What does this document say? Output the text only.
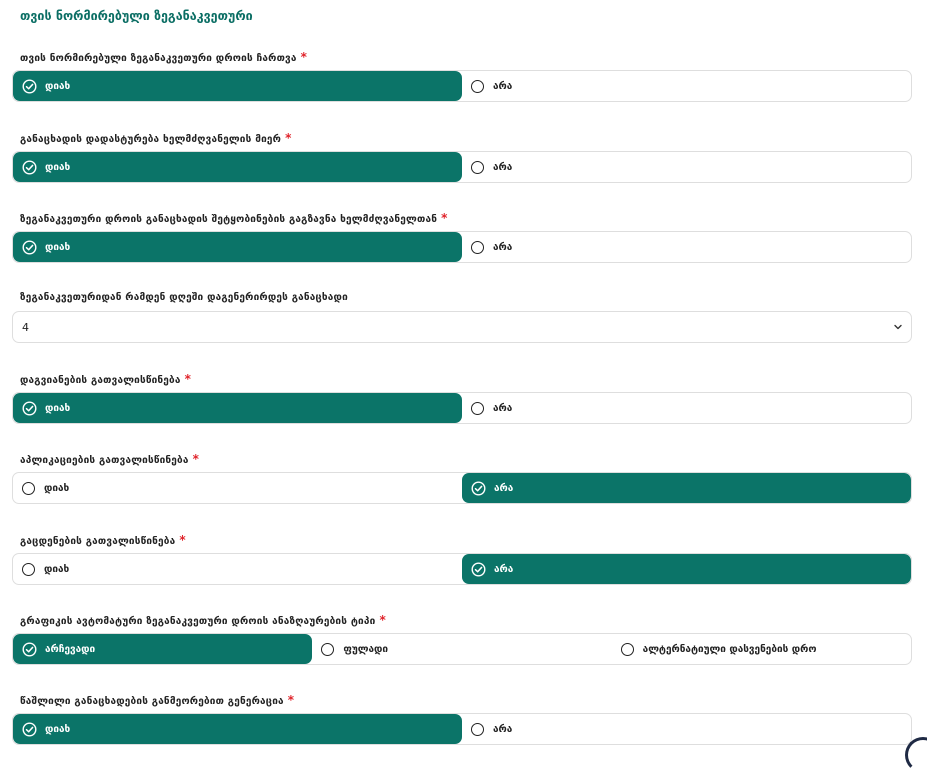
თვის ნორმირებული ზეგანაკვეთური
თვის ნორმირებული ზეგანაკვეთური დროის ჩართვა *
დიახ	არა
განაცხადის დადასტურება ხელმძღვანელის მიერ *
დიახ	არა
ზეგანაკვეთური დროის განაცხადის შეტყობინების გაგზავნა ხელმძღვანელთან *
დიახ	არა
ზეგანაკვეთურიდან რამდენ დღეში დაგენერირდეს განაცხადი
4
დაგვიანების გათვალისწინება *
დიახ	არა
აპლიკაციების გათვალისწინება *
დიახ	არა
გაცდენების გათვალისწინება *
დიახ	არა
გრაფიკის ავტომატური ზეგანაკვეთური დროის ანაზღაურების ტიპი *
არჩევადი	ფულადი	ალტერნატიული დასვენების დრო
წაშლილი განაცხადების განმეორებით გენერაცია *
დიახ	არა
